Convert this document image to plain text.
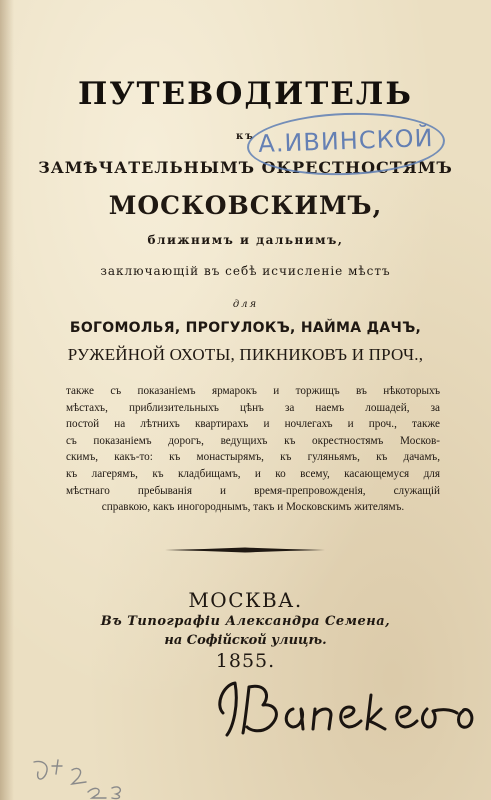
ПУТЕВОДИТЕЛЬ
къ
ЗАМѢЧАТЕЛЬНЫМЪ ОКРЕСТНОСТЯМЪ
МОСКОВСКИМЪ,
А.ИВИНСКОЙ
ближнимъ и дальнимъ,
заключающій въ себѣ исчисленіе мѣстъ
для
БОГОМОЛЬЯ, ПРОГУЛОКЪ, НАЙМА ДАЧЪ,
РУЖЕЙНОЙ ОХОТЫ, ПИКНИКОВЪ И ПРОЧ.,
также съ показаніемъ ярмарокъ и торжищъ въ нѣкоторыхъ
мѣстахъ, приблизительныхъ цѣнъ за наемъ лошадей, за
постой на лѣтнихъ квартирахъ и ночлегахъ и проч., также
съ показаніемъ дорогъ, ведущихъ къ окрестностямъ Москов-
скимъ, какъ-то: къ монастырямъ, къ гуляньямъ, къ дачамъ,
къ лагерямъ, къ кладбищамъ, и ко всему, касающемуся для
мѣстнаго пребыванія и время-препровожденія, служащій
справкою, какъ иногороднымъ, такъ и Московскимъ жителямъ.
МОСКВА.
Въ Типографіи Александра Семена,
на Софійской улицѣ.
1855.
